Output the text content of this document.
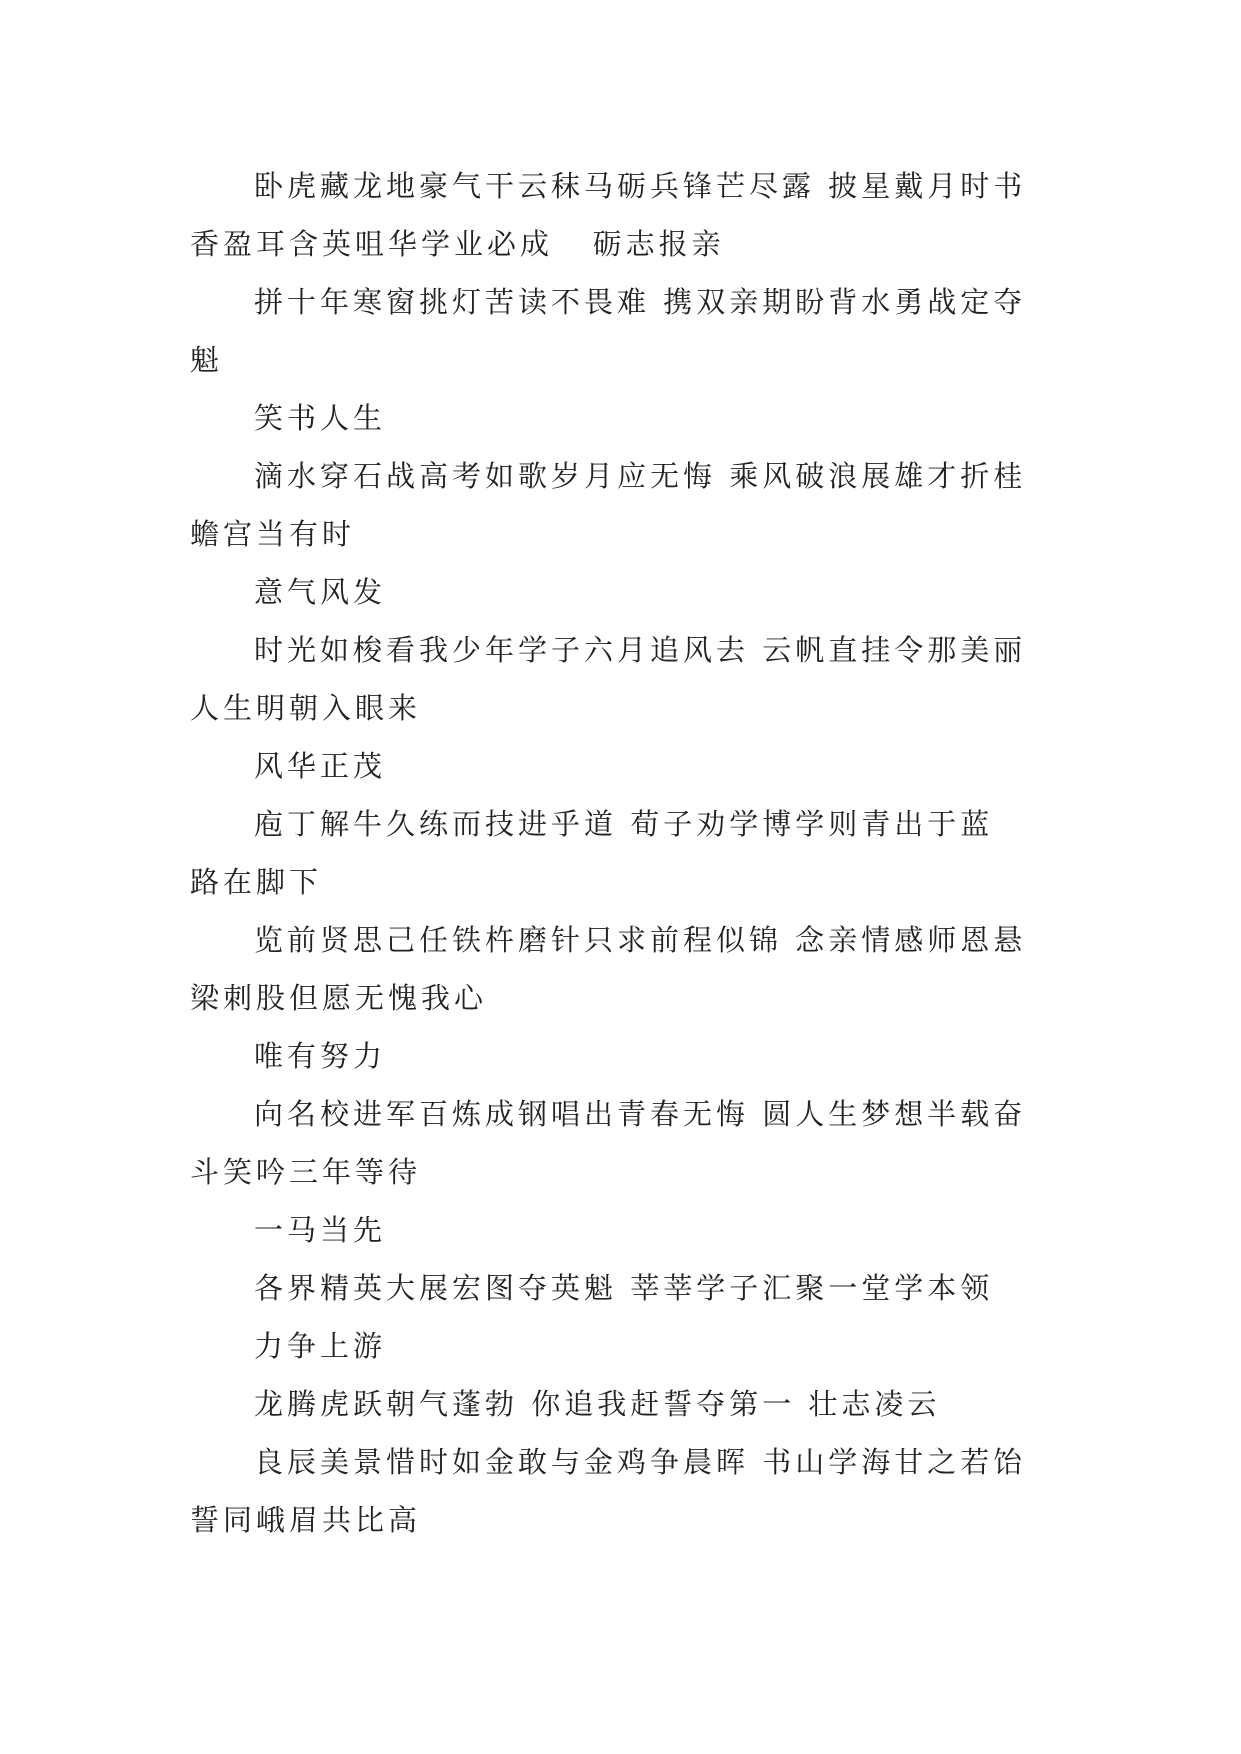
卧虎藏龙地豪气干云秣马砺兵锋芒尽露 披星戴月时书
香盈耳含英咀华学业必成   砺志报亲

拼十年寒窗挑灯苦读不畏难 携双亲期盼背水勇战定夺
魁

笑书人生

滴水穿石战高考如歌岁月应无悔 乘风破浪展雄才折桂
蟾宫当有时

意气风发

时光如梭看我少年学子六月追风去 云帆直挂令那美丽
人生明朝入眼来

风华正茂

庖丁解牛久练而技进乎道 荀子劝学博学则青出于蓝
路在脚下

览前贤思己任铁杵磨针只求前程似锦 念亲情感师恩悬
梁刺股但愿无愧我心

唯有努力

向名校进军百炼成钢唱出青春无悔 圆人生梦想半载奋
斗笑吟三年等待

一马当先

各界精英大展宏图夺英魁 莘莘学子汇聚一堂学本领

力争上游

龙腾虎跃朝气蓬勃 你追我赶誓夺第一 壮志凌云

良辰美景惜时如金敢与金鸡争晨晖 书山学海甘之若饴
誓同峨眉共比高
